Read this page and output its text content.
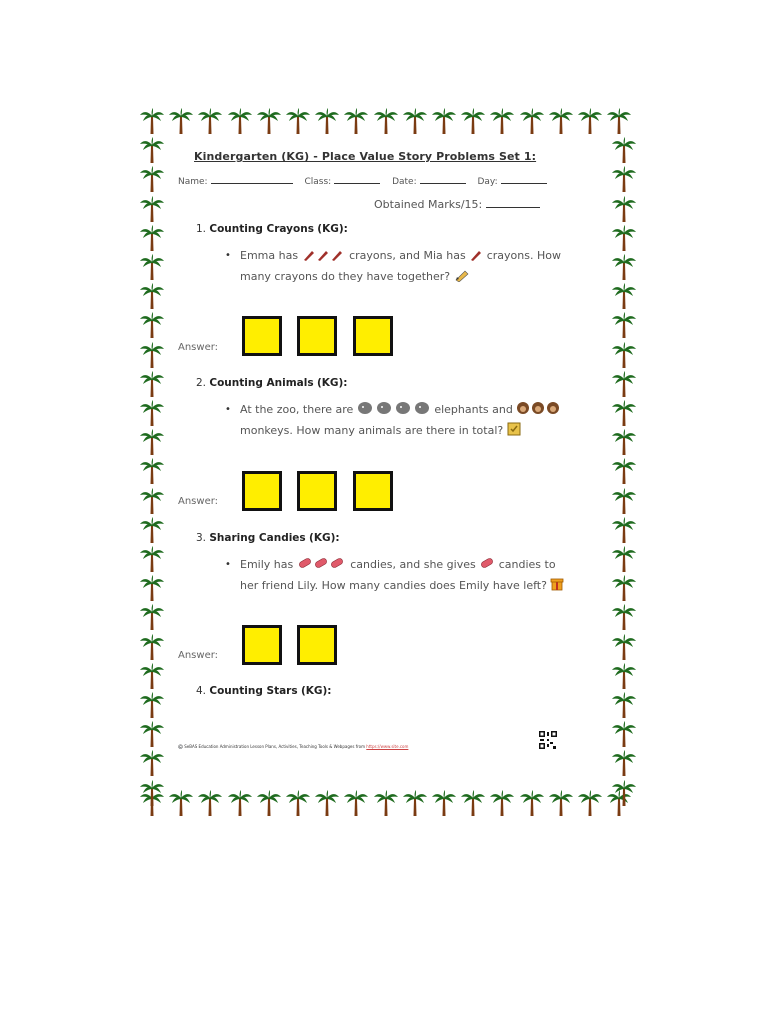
Kindergarten (KG) - Place Value Story Problems Set 1:
Name:	Class:	Date:	Day:
Obtained Marks/15:
1. Counting Crayons (KG):
• Emma has	crayons, and Mia has crayons. How many crayons do they have together?
Answer:
2. Counting Animals (KG):
• At the zoo, there are	elephants and  monkeys. How many animals are there in total?
Answer:
3. Sharing Candies (KG):
• Emily has	candies, and she gives candies to her friend Lily. How many candies does Emily have left?
Answer:
4. Counting Stars (KG):
©️ SeBAS Education Administration Lesson Plans, Activities, Teaching Tools & Webpages from https://www.site.com
